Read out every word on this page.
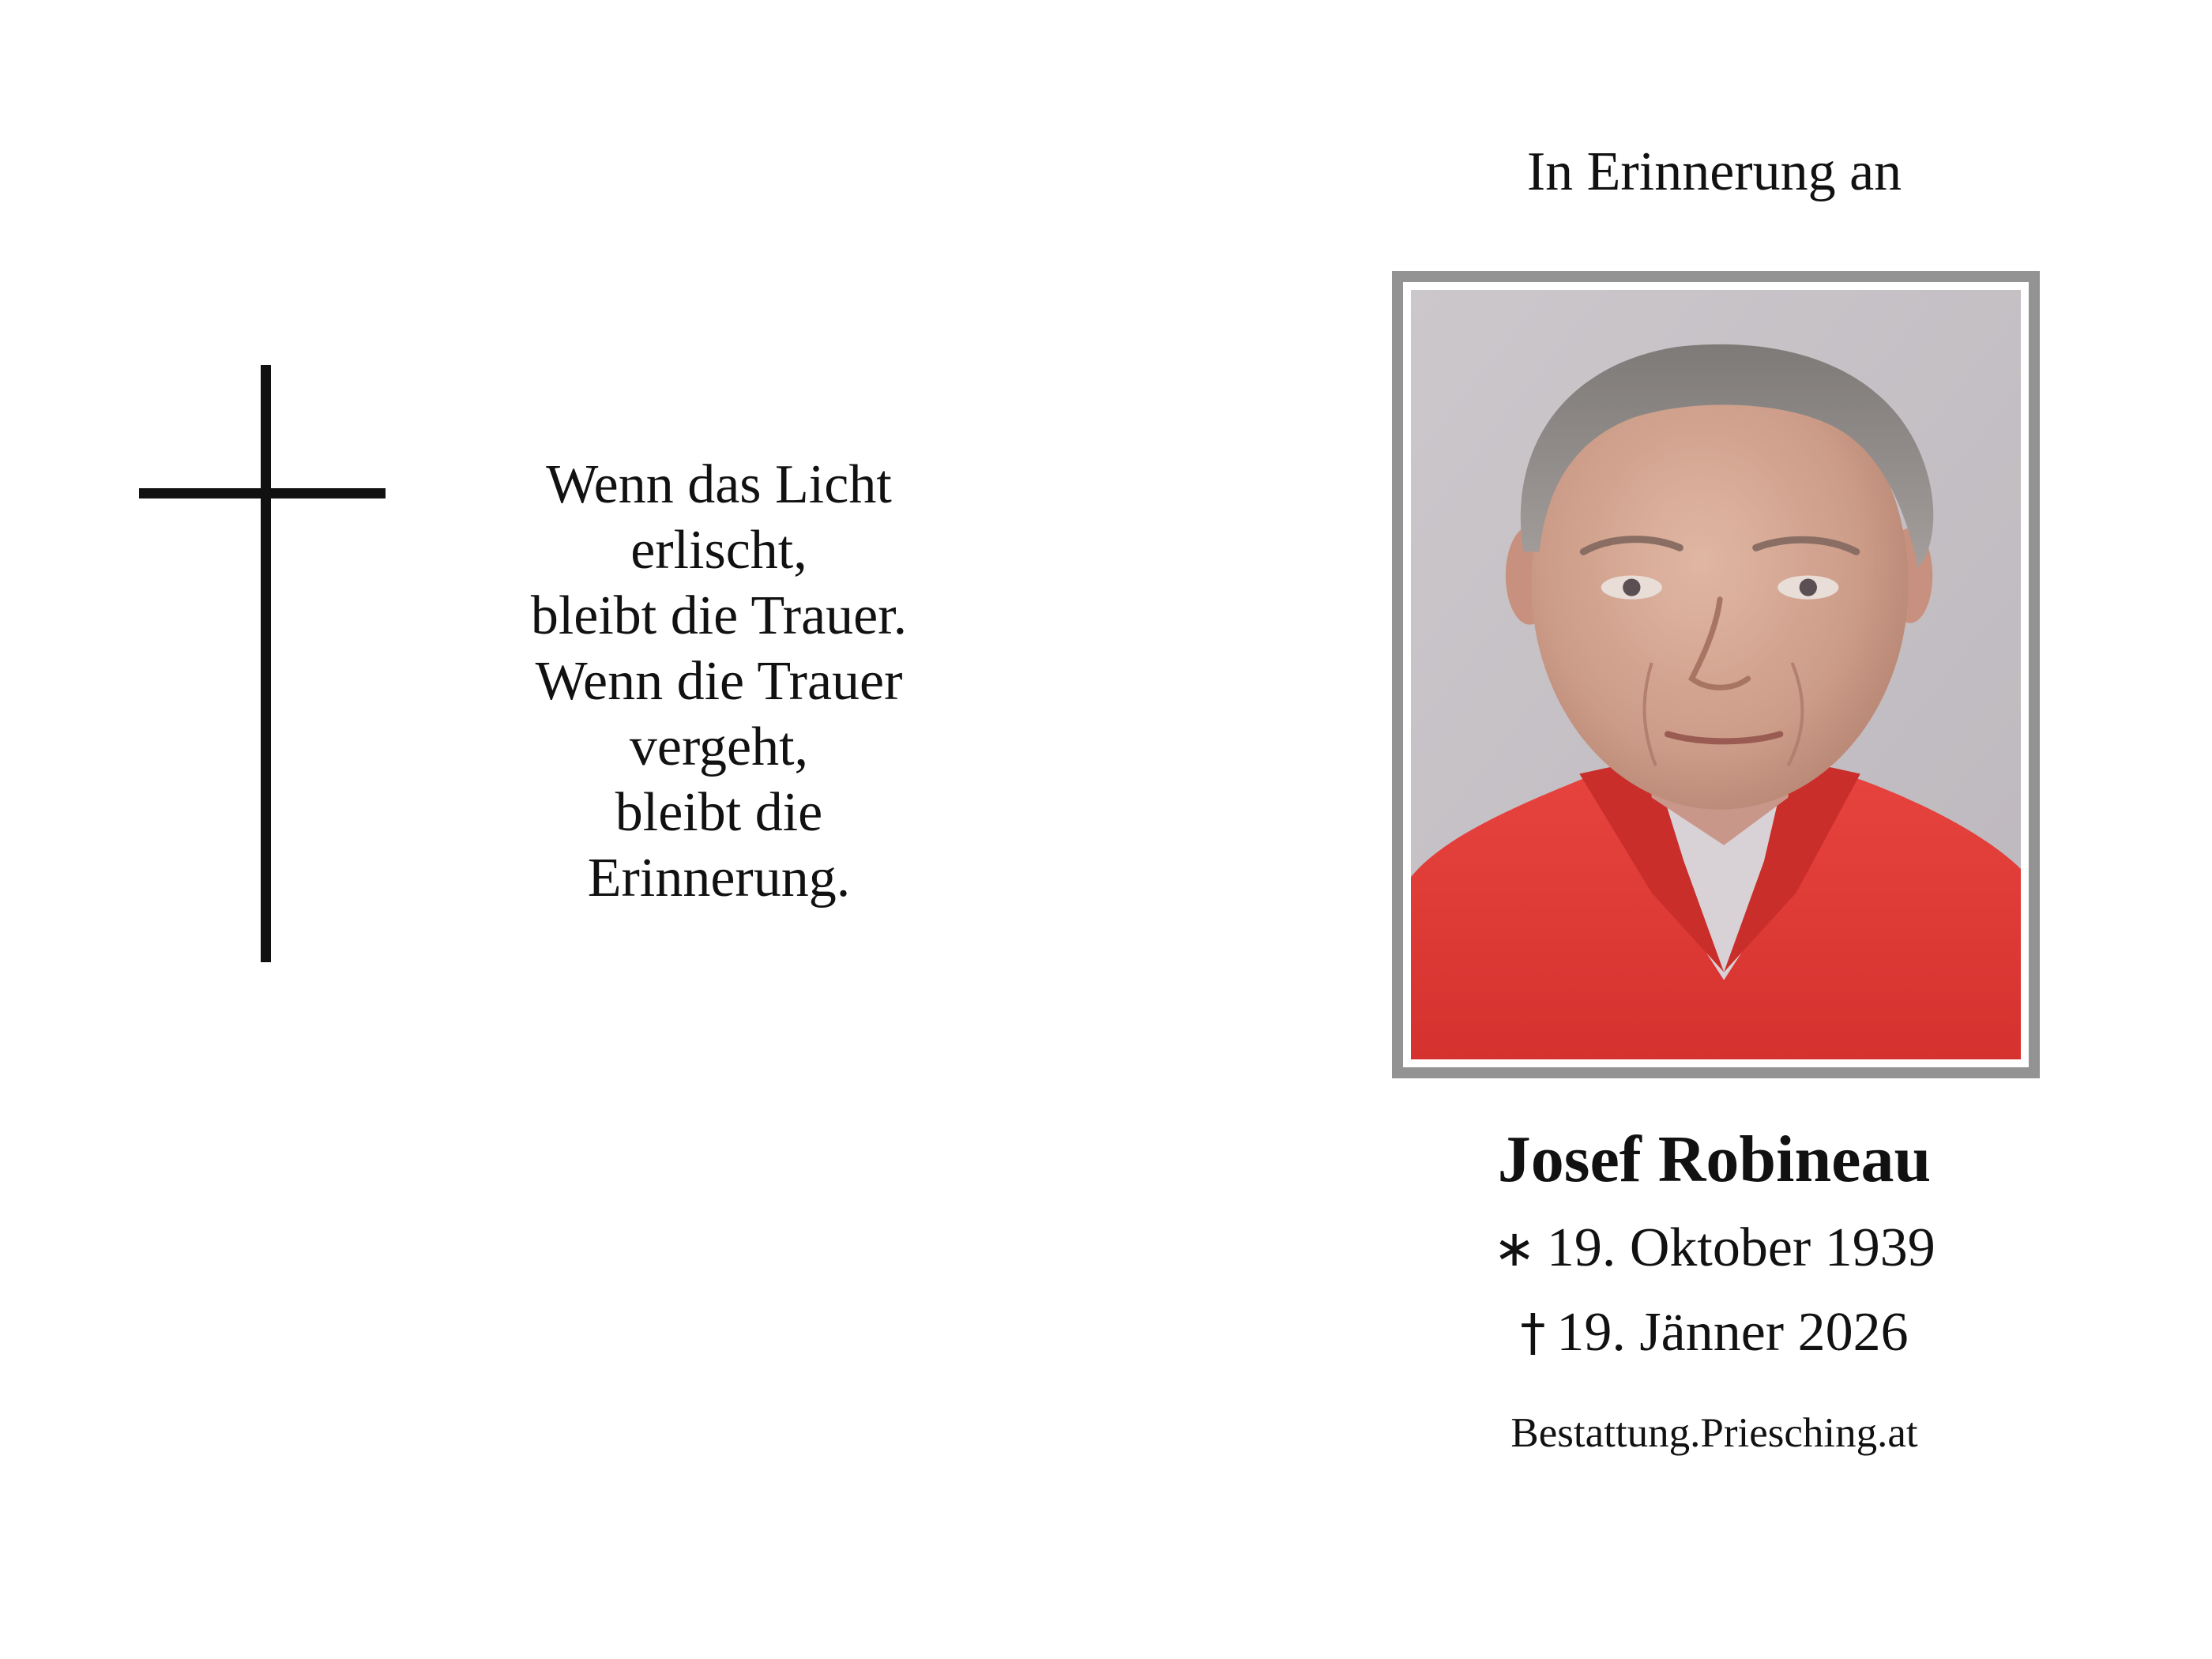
Wenn das Licht
erlischt,
bleibt die Trauer.
Wenn die Trauer
vergeht,
bleibt die
Erinnerung.
In Erinnerung an
Josef Robineau
∗ 19. Oktober 1939
† 19. Jänner 2026
Bestattung.Priesching.at
